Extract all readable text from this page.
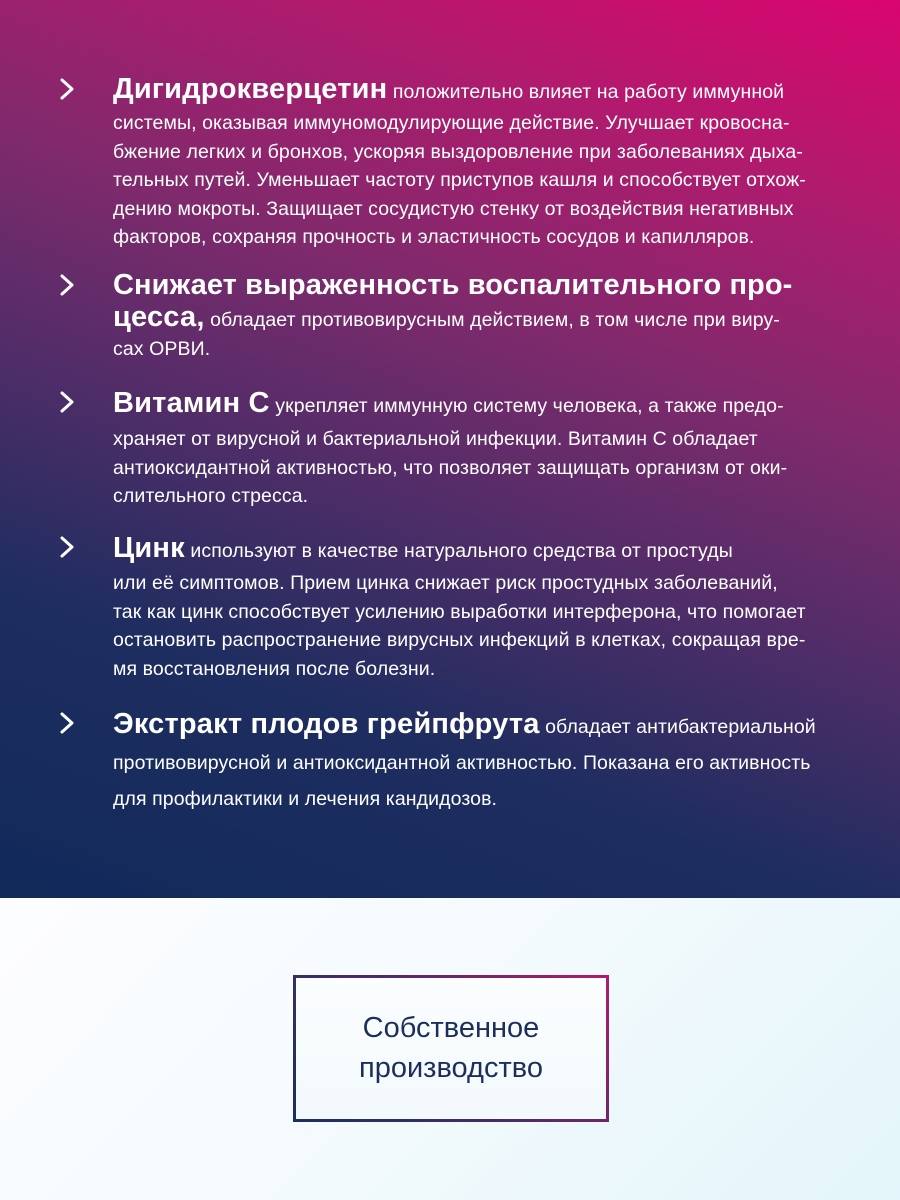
Дигидрокверцетин положительно влияет на работу иммунной
системы, оказывая иммуномодулирующие действие. Улучшает кровосна-
бжение легких и бронхов, ускоряя выздоровление при заболеваниях дыха-
тельных путей. Уменьшает частоту приступов кашля и способствует отхож-
дению мокроты. Защищает сосудистую стенку от воздействия негативных
факторов, сохраняя прочность и эластичность сосудов и капилляров.
Снижает выраженность воспалительного про-
цесса, обладает противовирусным действием, в том числе при виру-
сах ОРВИ.
Витамин С укрепляет иммунную систему человека, а также предо-
храняет от вирусной и бактериальной инфекции. Витамин С обладает
антиоксидантной активностью, что позволяет защищать организм от оки-
слительного стресса.
Цинк используют в качестве натурального средства от простуды
или её симптомов. Прием цинка снижает риск простудных заболеваний,
так как цинк способствует усилению выработки интерферона, что помогает
остановить распространение вирусных инфекций в клетках, сокращая вре-
мя восстановления после болезни.
Экстракт плодов грейпфрута обладает антибактериальной
противовирусной и антиоксидантной активностью. Показана его активность
для профилактики и лечения кандидозов.
Собственное
производство
